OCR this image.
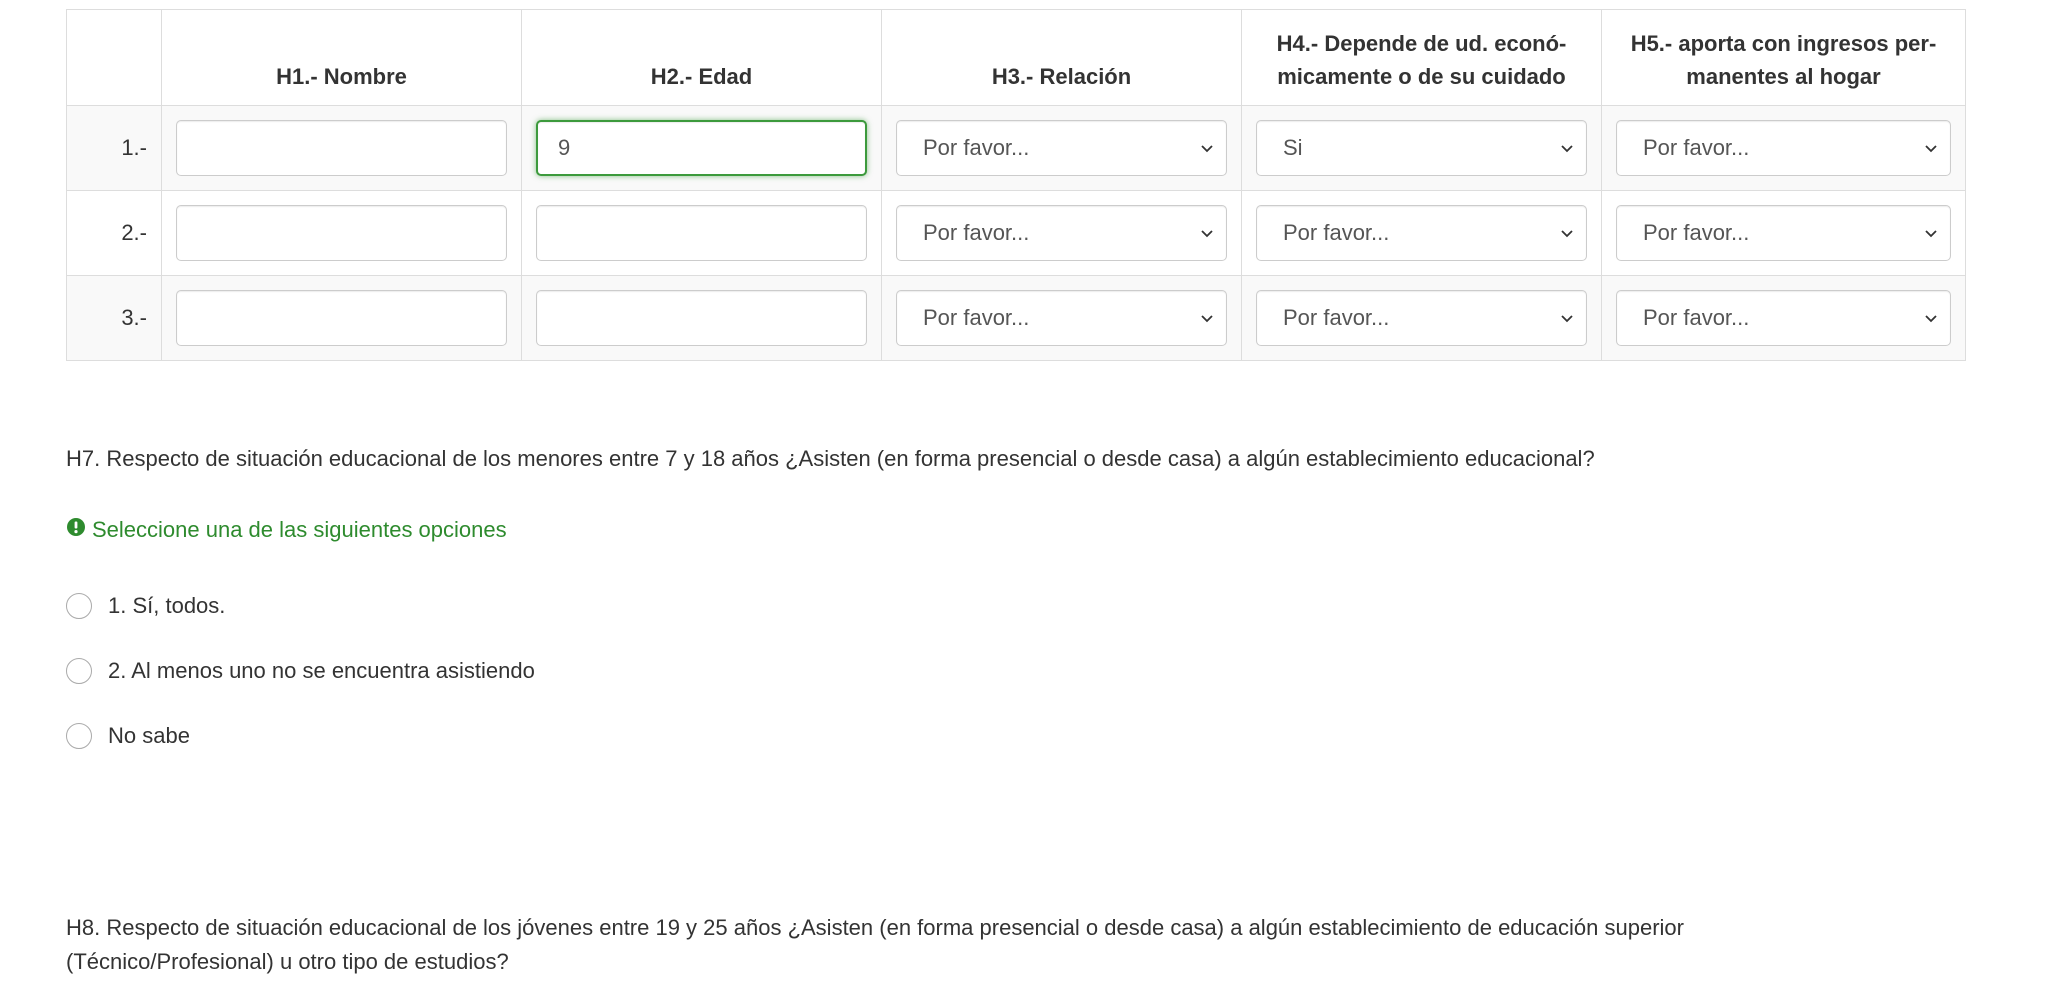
	H1.- Nombre	H2.- Edad	H3.- Relación	H4.- Depende de ud. econó-micamente o de su cuidado	H5.- aporta con ingresos per-manentes al hogar
1.-		9	Por favor...	Si	Por favor...

2.-			Por favor...	Por favor...	Por favor...

3.-			Por favor...	Por favor...	Por favor...
H7. Respecto de situación educacional de los menores entre 7 y 18 años ¿Asisten (en forma presencial o desde casa) a algún establecimiento educacional?
Seleccione una de las siguientes opciones
1. Sí, todos.
2. Al menos uno no se encuentra asistiendo
No sabe
H8. Respecto de situación educacional de los jóvenes entre 19 y 25 años ¿Asisten (en forma presencial o desde casa) a algún establecimiento de educación superior (Técnico/Profesional) u otro tipo de estudios?
